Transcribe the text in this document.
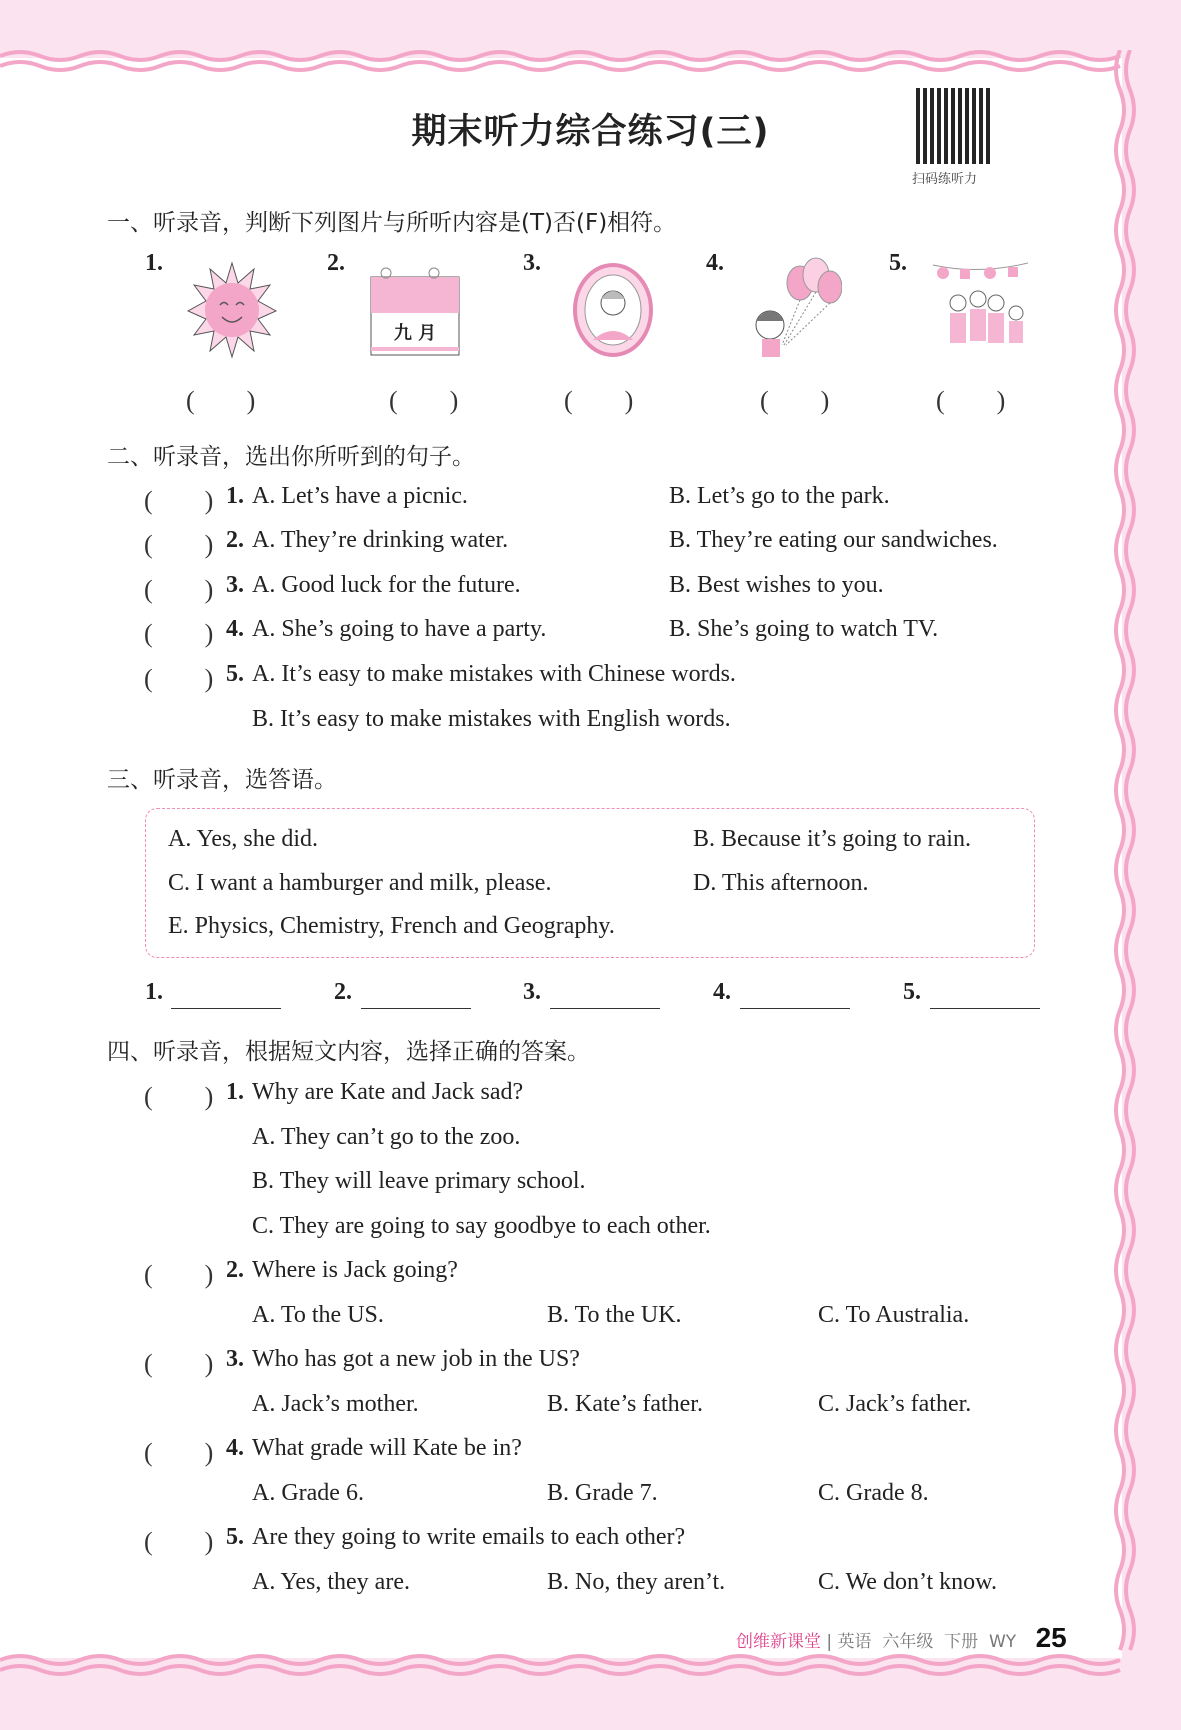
期末听力综合练习(三)
扫码练听力
一、听录音，判断下列图片与所听内容是(T)否(F)相符。
1.	2.	3.	4.	5.
九 月
(　　)	(　　)	(　　)	(　　)	(　　)
二、听录音，选出你所听到的句子。
(　　) 1. A. Let’s have a picnic.	B. Let’s go to the park.
(　　) 2. A. They’re drinking water.	B. They’re eating our sandwiches.
(　　) 3. A. Good luck for the future.	B. Best wishes to you.
(　　) 4. A. She’s going to have a party.	B. She’s going to watch TV.
(　　) 5. A. It’s easy to make mistakes with Chinese words.
B. It’s easy to make mistakes with English words.
三、听录音，选答语。
A. Yes, she did.	B. Because it’s going to rain.
C. I want a hamburger and milk, please.	D. This afternoon.
E. Physics, Chemistry, French and Geography.
1.	2.	3.	4.	5.
四、听录音，根据短文内容，选择正确的答案。
(　　) 1. Why are Kate and Jack sad?
A. They can’t go to the zoo.
B. They will leave primary school.
C. They are going to say goodbye to each other.
(　　) 2. Where is Jack going?
A. To the US.	B. To the UK.	C. To Australia.
(　　) 3. Who has got a new job in the US?
A. Jack’s mother.	B. Kate’s father.	C. Jack’s father.
(　　) 4. What grade will Kate be in?
A. Grade 6.	B. Grade 7.	C. Grade 8.
(　　) 5. Are they going to write emails to each other?
A. Yes, they are.	B. No, they aren’t.	C. We don’t know.
创维新课堂 | 英语  六年级  下册  WY 25
